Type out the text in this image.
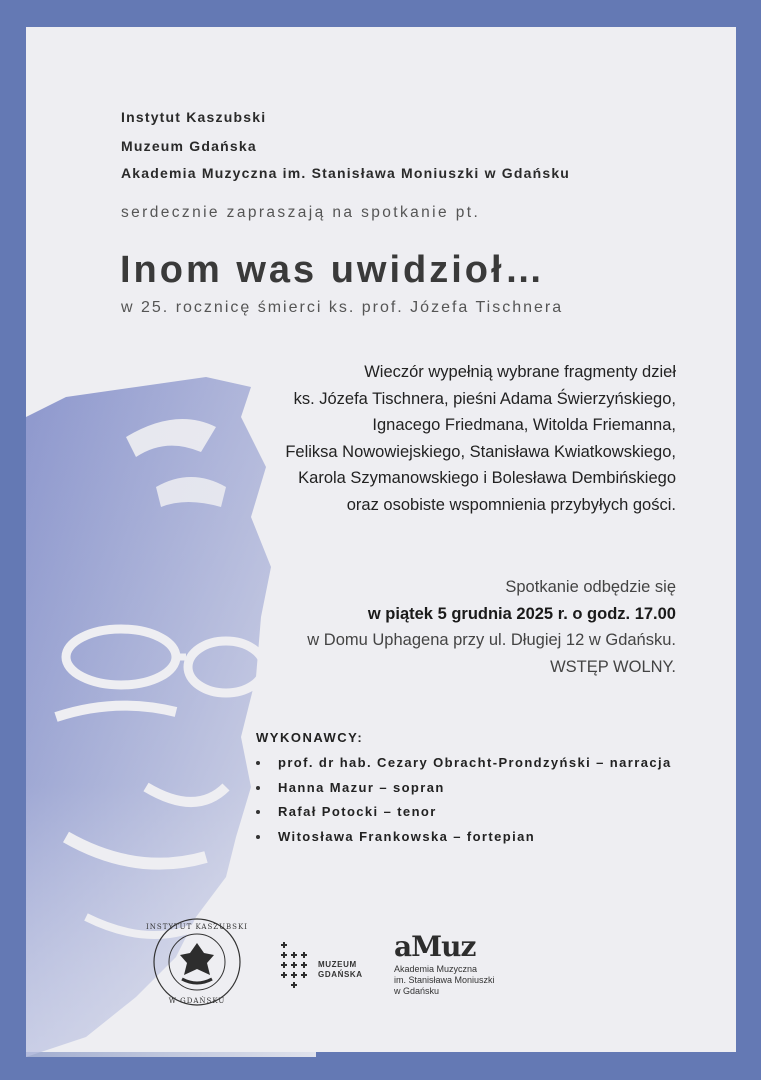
Instytut Kaszubski
Muzeum Gdańska
Akademia Muzyczna im. Stanisława Moniuszki w Gdańsku
serdecznie zapraszają na spotkanie pt.
Inom was uwidzioł…
w 25. rocznicę śmierci ks. prof. Józefa Tischnera
Wieczór wypełnią wybrane fragmenty dzieł
ks. Józefa Tischnera, pieśni Adama Świerzyńskiego,
Ignacego Friedmana, Witolda Friemanna,
Feliksa Nowowiejskiego, Stanisława Kwiatkowskiego,
Karola Szymanowskiego i Bolesława Dembińskiego
oraz osobiste wspomnienia przybyłych gości.
Spotkanie odbędzie się
w piątek 5 grudnia 2025 r. o godz. 17.00
w Domu Uphagena przy ul. Długiej 12 w Gdańsku.
WSTĘP WOLNY.
WYKONAWCY:
prof. dr hab. Cezary Obracht-Prondzyński – narracja
Hanna Mazur – sopran
Rafał Potocki – tenor
Witosława Frankowska – fortepian
INSTYTUT KASZUBSKI
W GDAŃSKU
MUZEUM
GDAŃSKA
aMuz
Akademia Muzyczna
im. Stanisława Moniuszki
w Gdańsku
